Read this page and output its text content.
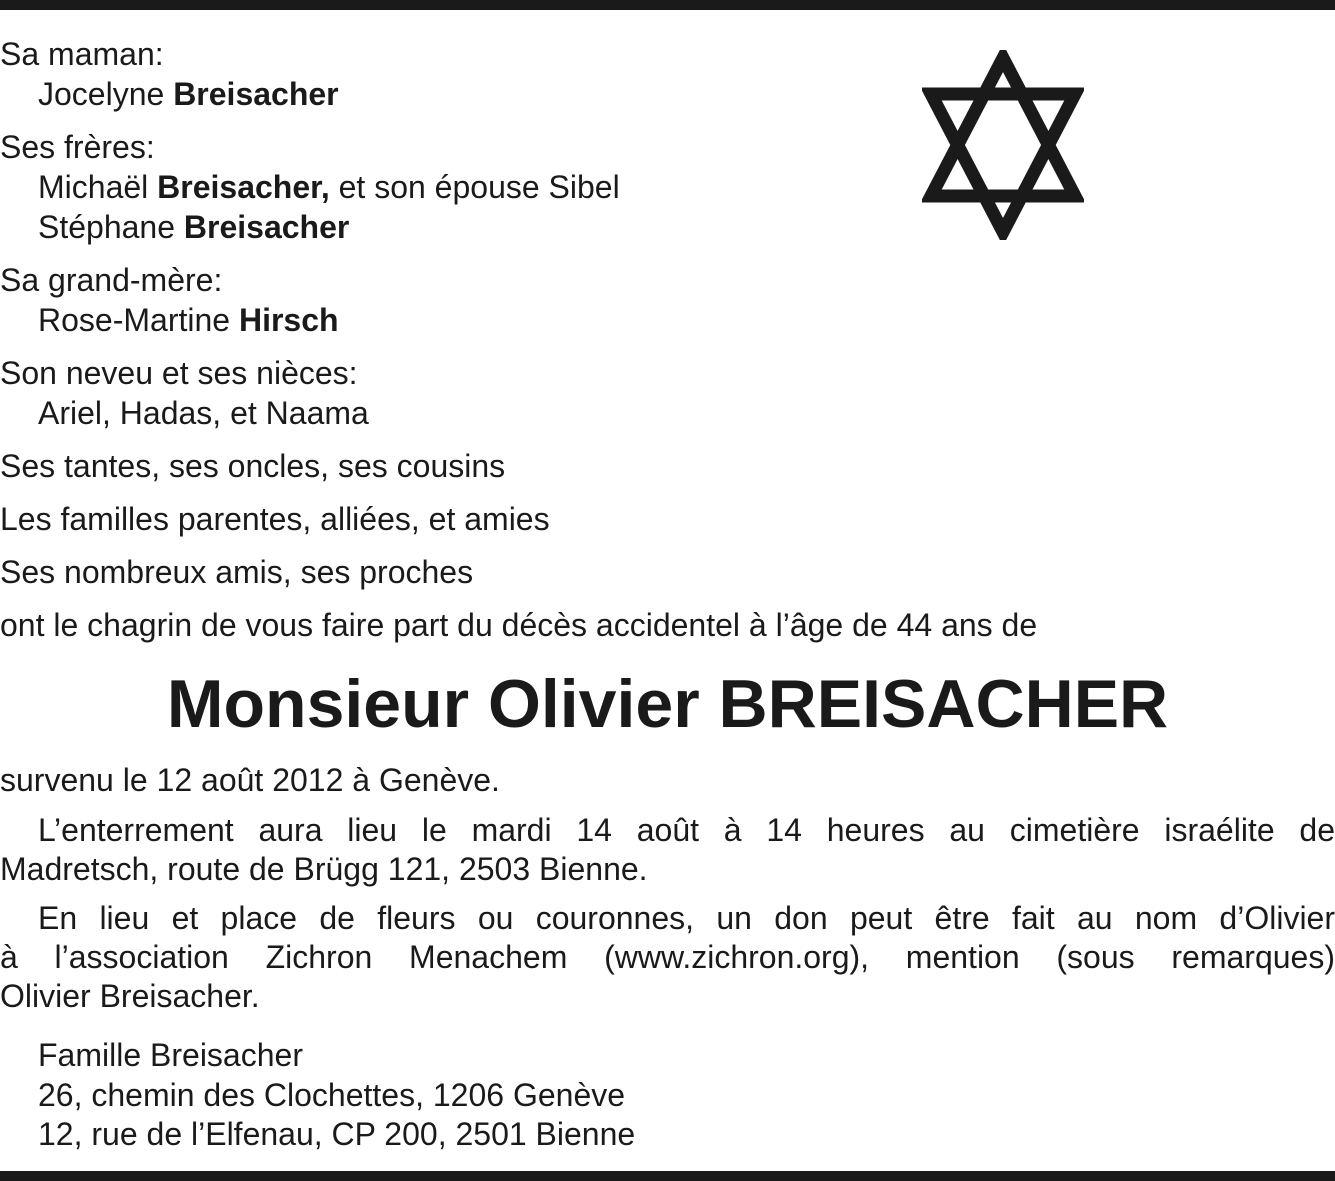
Sa maman:
Jocelyne Breisacher
Ses frères:
Michaël Breisacher, et son épouse Sibel
Stéphane Breisacher
Sa grand-mère:
Rose-Martine Hirsch
Son neveu et ses nièces:
Ariel, Hadas, et Naama
Ses tantes, ses oncles, ses cousins
Les familles parentes, alliées, et amies
Ses nombreux amis, ses proches
ont le chagrin de vous faire part du décès accidentel à l’âge de 44 ans de
Monsieur Olivier BREISACHER
survenu le 12 août 2012 à Genève.
L’enterrement aura lieu le mardi 14 août à 14 heures au cimetière israélite de
Madretsch, route de Brügg 121, 2503 Bienne.
En lieu et place de fleurs ou couronnes, un don peut être fait au nom d’Olivier
à l’association Zichron Menachem (www.zichron.org), mention (sous remarques)
Olivier Breisacher.
Famille Breisacher
26, chemin des Clochettes, 1206 Genève
12, rue de l’Elfenau, CP 200, 2501 Bienne
